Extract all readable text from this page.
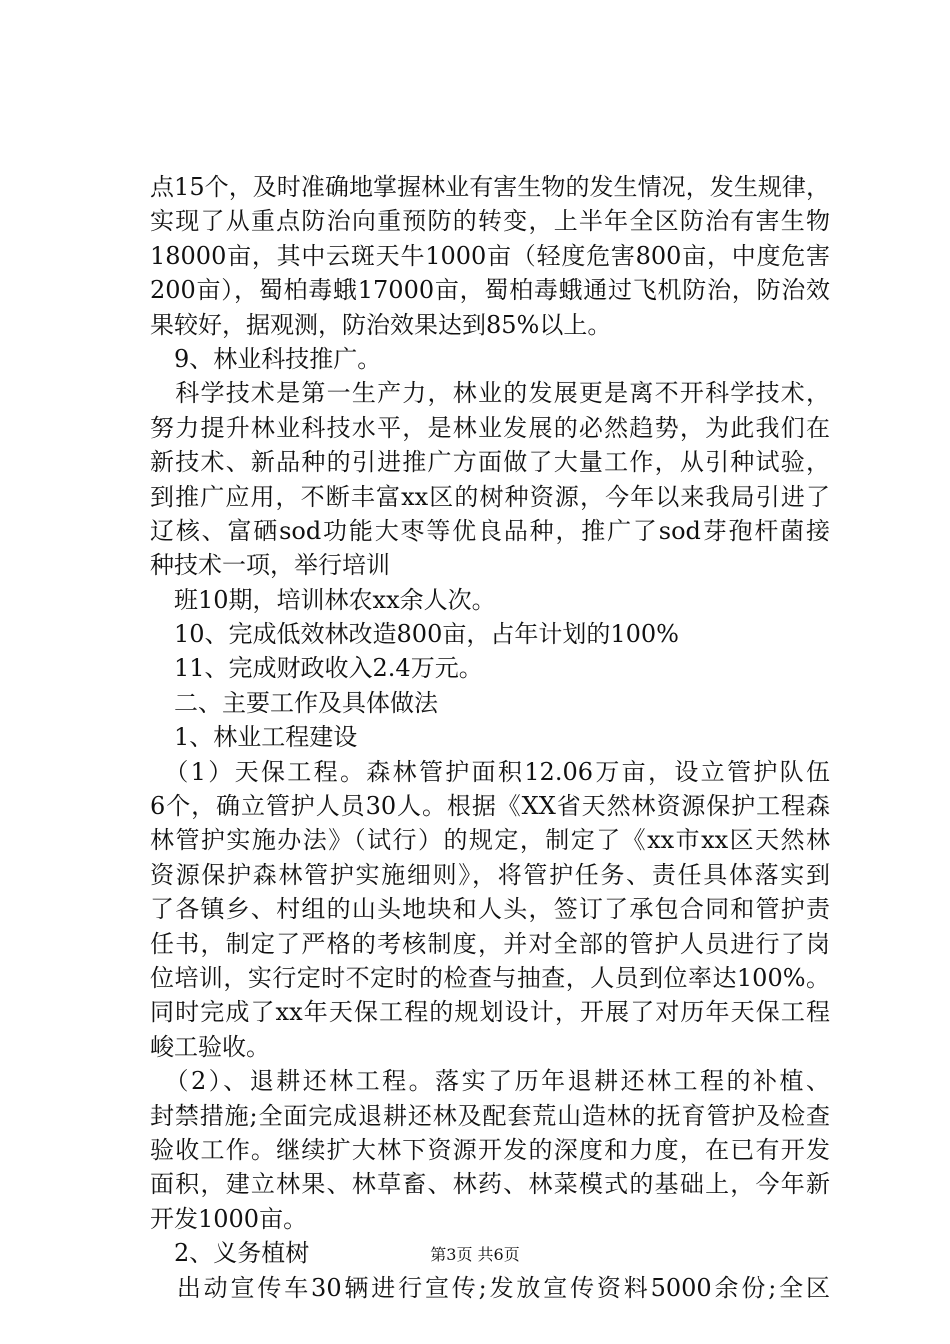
点15个，及时准确地掌握林业有害生物的发生情况，发生规律，
实现了从重点防治向重预防的转变，上半年全区防治有害生物
18000亩，其中云斑天牛1000亩（轻度危害800亩，中度危害
200亩），蜀柏毒蛾17000亩，蜀柏毒蛾通过飞机防治，防治效
果较好，据观测，防治效果达到85%以上。
　9、林业科技推广。
　科学技术是第一生产力，林业的发展更是离不开科学技术，
努力提升林业科技水平，是林业发展的必然趋势，为此我们在
新技术、新品种的引进推广方面做了大量工作，从引种试验，
到推广应用，不断丰富xx区的树种资源，今年以来我局引进了
辽核、富硒sod功能大枣等优良品种，推广了sod芽孢杆菌接
种技术一项，举行培训
　班10期，培训林农xx余人次。
　10、完成低效林改造800亩，占年计划的100%
　11、完成财政收入2.4万元。
　二、主要工作及具体做法
　1、林业工程建设
　（1）天保工程。森林管护面积12.06万亩，设立管护队伍
6个，确立管护人员30人。根据《XX省天然林资源保护工程森
林管护实施办法》（试行）的规定，制定了《xx市xx区天然林
资源保护森林管护实施细则》，将管护任务、责任具体落实到
了各镇乡、村组的山头地块和人头，签订了承包合同和管护责
任书，制定了严格的考核制度，并对全部的管护人员进行了岗
位培训，实行定时不定时的检查与抽查，人员到位率达100%。
同时完成了xx年天保工程的规划设计，开展了对历年天保工程
峻工验收。
　（2）、退耕还林工程。落实了历年退耕还林工程的补植、
封禁措施;全面完成退耕还林及配套荒山造林的抚育管护及检查
验收工作。继续扩大林下资源开发的深度和力度，在已有开发
面积，建立林果、林草畜、林药、林菜模式的基础上，今年新
开发1000亩。
　2、义务植树
　出动宣传车30辆进行宣传;发放宣传资料5000余份;全区
第3页 共6页
